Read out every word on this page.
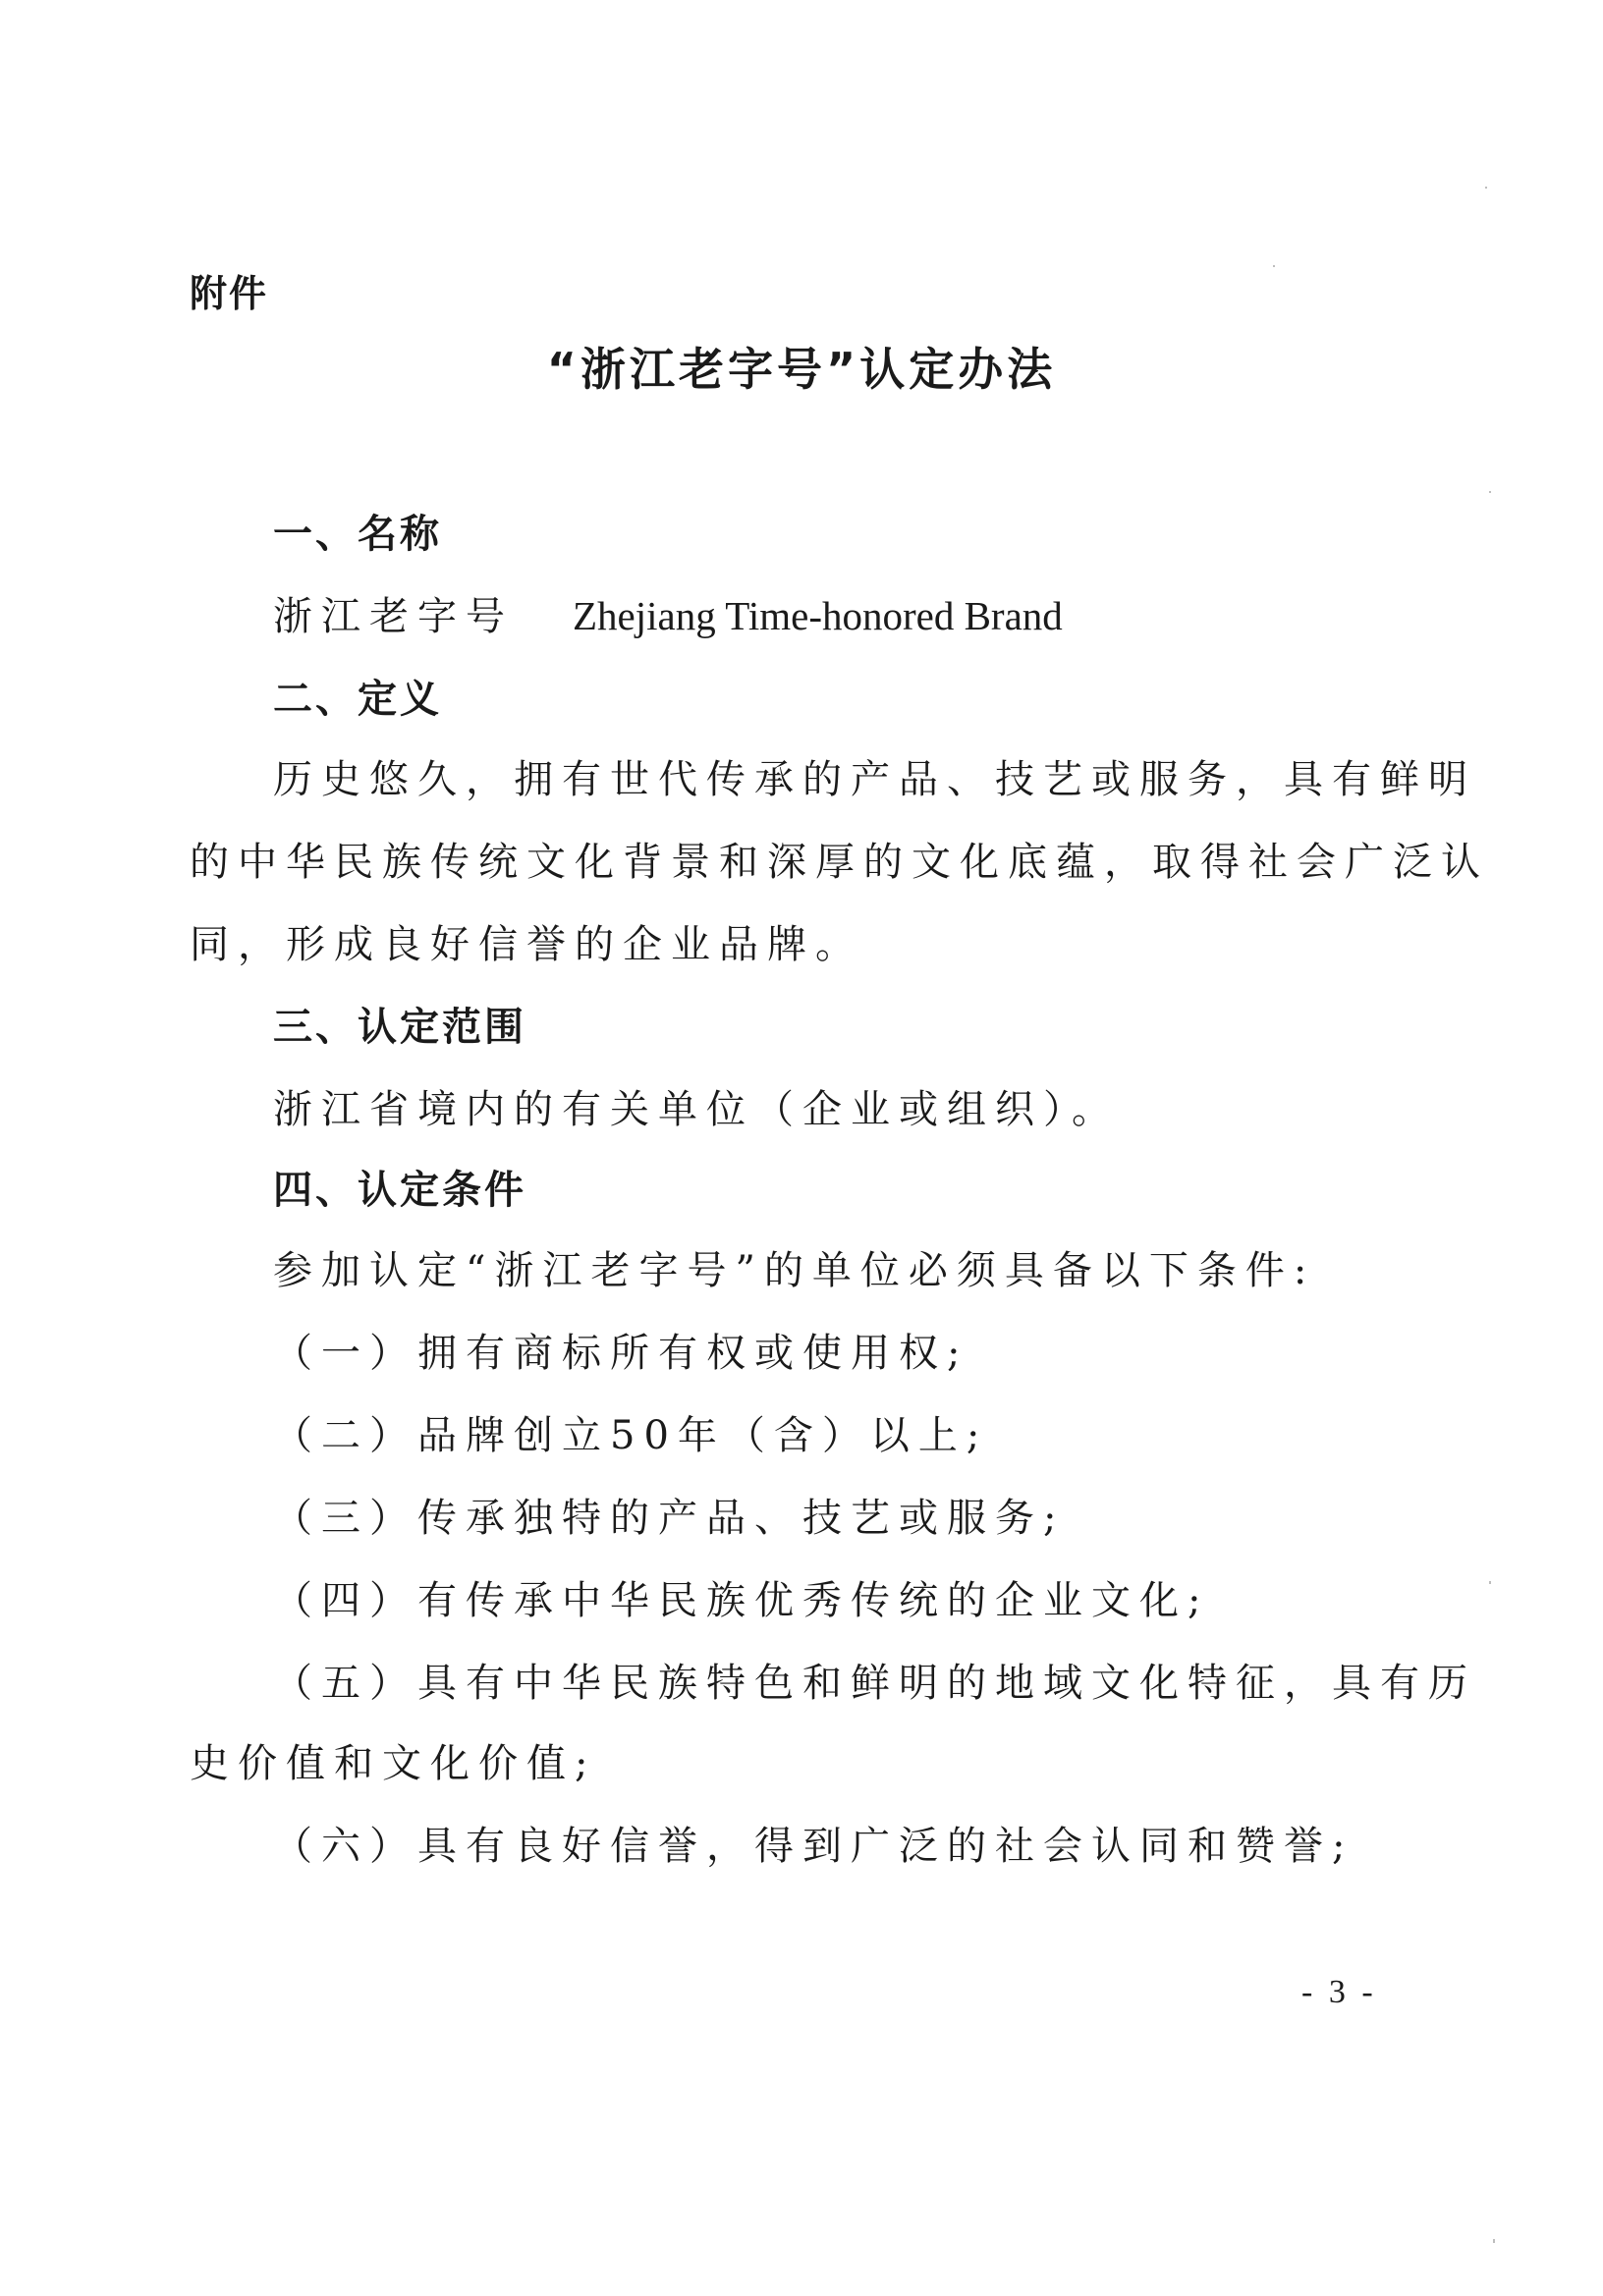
附件
“浙江老字号”认定办法
一、名称
浙江老字号 Zhejiang Time-honored Brand
二、定义
历史悠久，拥有世代传承的产品、技艺或服务，具有鲜明
的中华民族传统文化背景和深厚的文化底蕴，取得社会广泛认
同，形成良好信誉的企业品牌。
三、认定范围
浙江省境内的有关单位（企业或组织）。
四、认定条件
参加认定“浙江老字号”的单位必须具备以下条件:
（一）拥有商标所有权或使用权;
（二）品牌创立50年（含）以上;
（三）传承独特的产品、技艺或服务;
（四）有传承中华民族优秀传统的企业文化;
（五）具有中华民族特色和鲜明的地域文化特征，具有历
史价值和文化价值;
（六）具有良好信誉，得到广泛的社会认同和赞誉;
- 3 -
